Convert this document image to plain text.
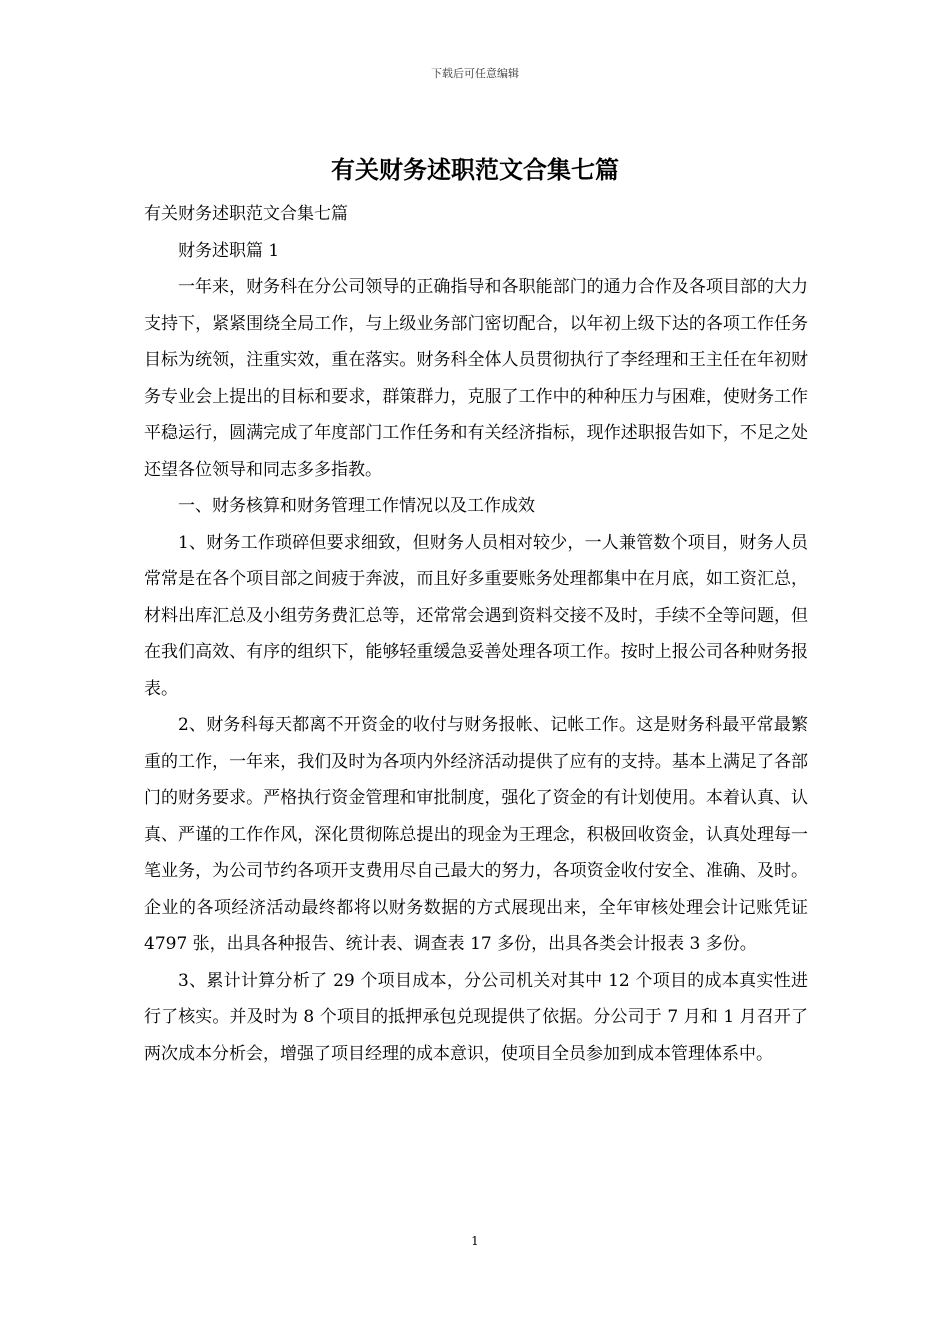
下载后可任意编辑
有关财务述职范文合集七篇

有关财务述职范文合集七篇

财务述职篇 1

一年来，财务科在分公司领导的正确指导和各职能部门的通力合作及各项目部的大力支持下，紧紧围绕全局工作，与上级业务部门密切配合，以年初上级下达的各项工作任务目标为统领，注重实效，重在落实。财务科全体人员贯彻执行了李经理和王主任在年初财务专业会上提出的目标和要求，群策群力，克服了工作中的种种压力与困难，使财务工作平稳运行，圆满完成了年度部门工作任务和有关经济指标，现作述职报告如下，不足之处还望各位领导和同志多多指教。

一、财务核算和财务管理工作情况以及工作成效

1、财务工作琐碎但要求细致，但财务人员相对较少，一人兼管数个项目，财务人员常常是在各个项目部之间疲于奔波，而且好多重要账务处理都集中在月底，如工资汇总，材料出库汇总及小组劳务费汇总等，还常常会遇到资料交接不及时，手续不全等问题，但在我们高效、有序的组织下，能够轻重缓急妥善处理各项工作。按时上报公司各种财务报表。

2、财务科每天都离不开资金的收付与财务报帐、记帐工作。这是财务科最平常最繁重的工作，一年来，我们及时为各项内外经济活动提供了应有的支持。基本上满足了各部门的财务要求。严格执行资金管理和审批制度，强化了资金的有计划使用。本着认真、认真、严谨的工作作风，深化贯彻陈总提出的现金为王理念，积极回收资金，认真处理每一笔业务，为公司节约各项开支费用尽自己最大的努力，各项资金收付安全、准确、及时。企业的各项经济活动最终都将以财务数据的方式展现出来，全年审核处理会计记账凭证 4797 张，出具各种报告、统计表、调查表 17 多份，出具各类会计报表 3 多份。

3、累计计算分析了 29 个项目成本，分公司机关对其中 12 个项目的成本真实性进行了核实。并及时为 8 个项目的抵押承包兑现提供了依据。分公司于 7 月和 1 月召开了两次成本分析会，增强了项目经理的成本意识，使项目全员参加到成本管理体系中。

1
